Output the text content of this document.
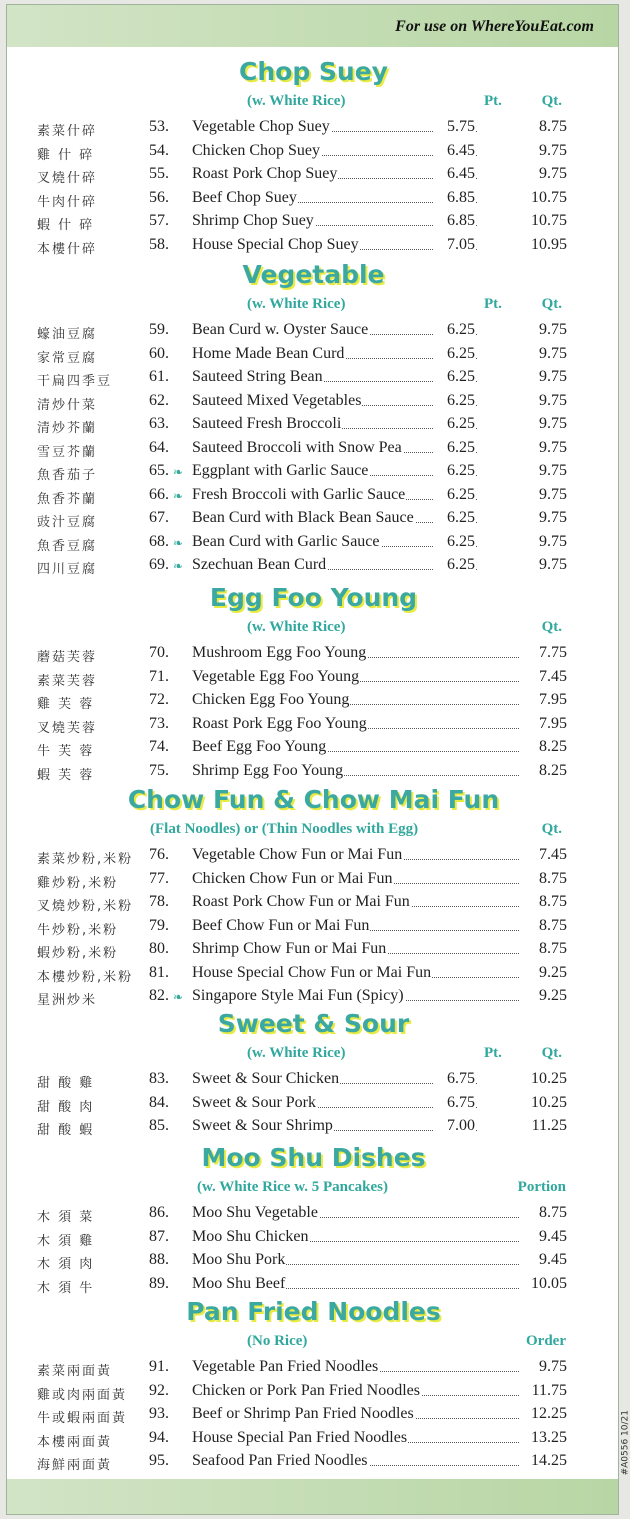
For use on WhereYouEat.com
Chop Suey
(w. White Rice)	Pt.	Qt.
素菜什碎	53.	Vegetable Chop Suey	5.75	8.75
雞 什 碎	54.	Chicken Chop Suey	6.45	9.75
叉燒什碎	55.	Roast Pork Chop Suey	6.45	9.75
牛肉什碎	56.	Beef Chop Suey	6.85	10.75
蝦 什 碎	57.	Shrimp Chop Suey	6.85	10.75
本樓什碎	58.	House Special Chop Suey	7.05	10.95
Vegetable
(w. White Rice)	Pt.	Qt.
蠔油豆腐	59.	Bean Curd w. Oyster Sauce	6.25	9.75
家常豆腐	60.	Home Made Bean Curd	6.25	9.75
干扁四季豆	61.	Sauteed String Bean	6.25	9.75
清炒什菜	62.	Sauteed Mixed Vegetables	6.25	9.75
清炒芥蘭	63.	Sauteed Fresh Broccoli	6.25	9.75
雪豆芥蘭	64.	Sauteed Broccoli with Snow Pea	6.25	9.75
魚香茄子	65. ❧ Eggplant with Garlic Sauce	6.25	9.75
魚香芥蘭	66. ❧ Fresh Broccoli with Garlic Sauce	6.25	9.75
豉汁豆腐	67.	Bean Curd with Black Bean Sauce	6.25	9.75
魚香豆腐	68. ❧ Bean Curd with Garlic Sauce	6.25	9.75
四川豆腐	69. ❧ Szechuan Bean Curd	6.25	9.75
Egg Foo Young
(w. White Rice)	Qt.
蘑菇芙蓉	70.	Mushroom Egg Foo Young	7.75
素菜芙蓉	71.	Vegetable Egg Foo Young	7.45
雞 芙 蓉	72.	Chicken Egg Foo Young	7.95
叉燒芙蓉	73.	Roast Pork Egg Foo Young	7.95
牛 芙 蓉	74.	Beef Egg Foo Young	8.25
蝦 芙 蓉	75.	Shrimp Egg Foo Young	8.25
Chow Fun & Chow Mai Fun
(Flat Noodles) or (Thin Noodles with Egg)	Qt.
素菜炒粉,米粉 76.	Vegetable Chow Fun or Mai Fun	7.45
雞炒粉,米粉	77.	Chicken Chow Fun or Mai Fun	8.75
叉燒炒粉,米粉 78.	Roast Pork Chow Fun or Mai Fun	8.75
牛炒粉,米粉	79.	Beef Chow Fun or Mai Fun	8.75
蝦炒粉,米粉	80.	Shrimp Chow Fun or Mai Fun	8.75
本樓炒粉,米粉 81.	House Special Chow Fun or Mai Fun	9.25
星洲炒米	82. ❧ Singapore Style Mai Fun (Spicy)	9.25
Sweet & Sour
(w. White Rice)	Pt.	Qt.
甜 酸 雞	83.	Sweet & Sour Chicken	6.75	10.25
甜 酸 肉	84.	Sweet & Sour Pork	6.75	10.25
甜 酸 蝦	85.	Sweet & Sour Shrimp	7.00	11.25
Moo Shu Dishes
(w. White Rice w. 5 Pancakes)	Portion
木 須 菜	86.	Moo Shu Vegetable	8.75
木 須 雞	87.	Moo Shu Chicken	9.45
木 須 肉	88.	Moo Shu Pork	9.45
木 須 牛	89.	Moo Shu Beef	10.05
Pan Fried Noodles
(No Rice)	Order
素菜兩面黃	91.	Vegetable Pan Fried Noodles	9.75
雞或肉兩面黃	92.	Chicken or Pork Pan Fried Noodles	11.75
牛或蝦兩面黃	93.	Beef or Shrimp Pan Fried Noodles	12.25
本樓兩面黃	94.	House Special Pan Fried Noodles	13.25
海鮮兩面黃	95.	Seafood Pan Fried Noodles	14.25	#A0556 10/21
